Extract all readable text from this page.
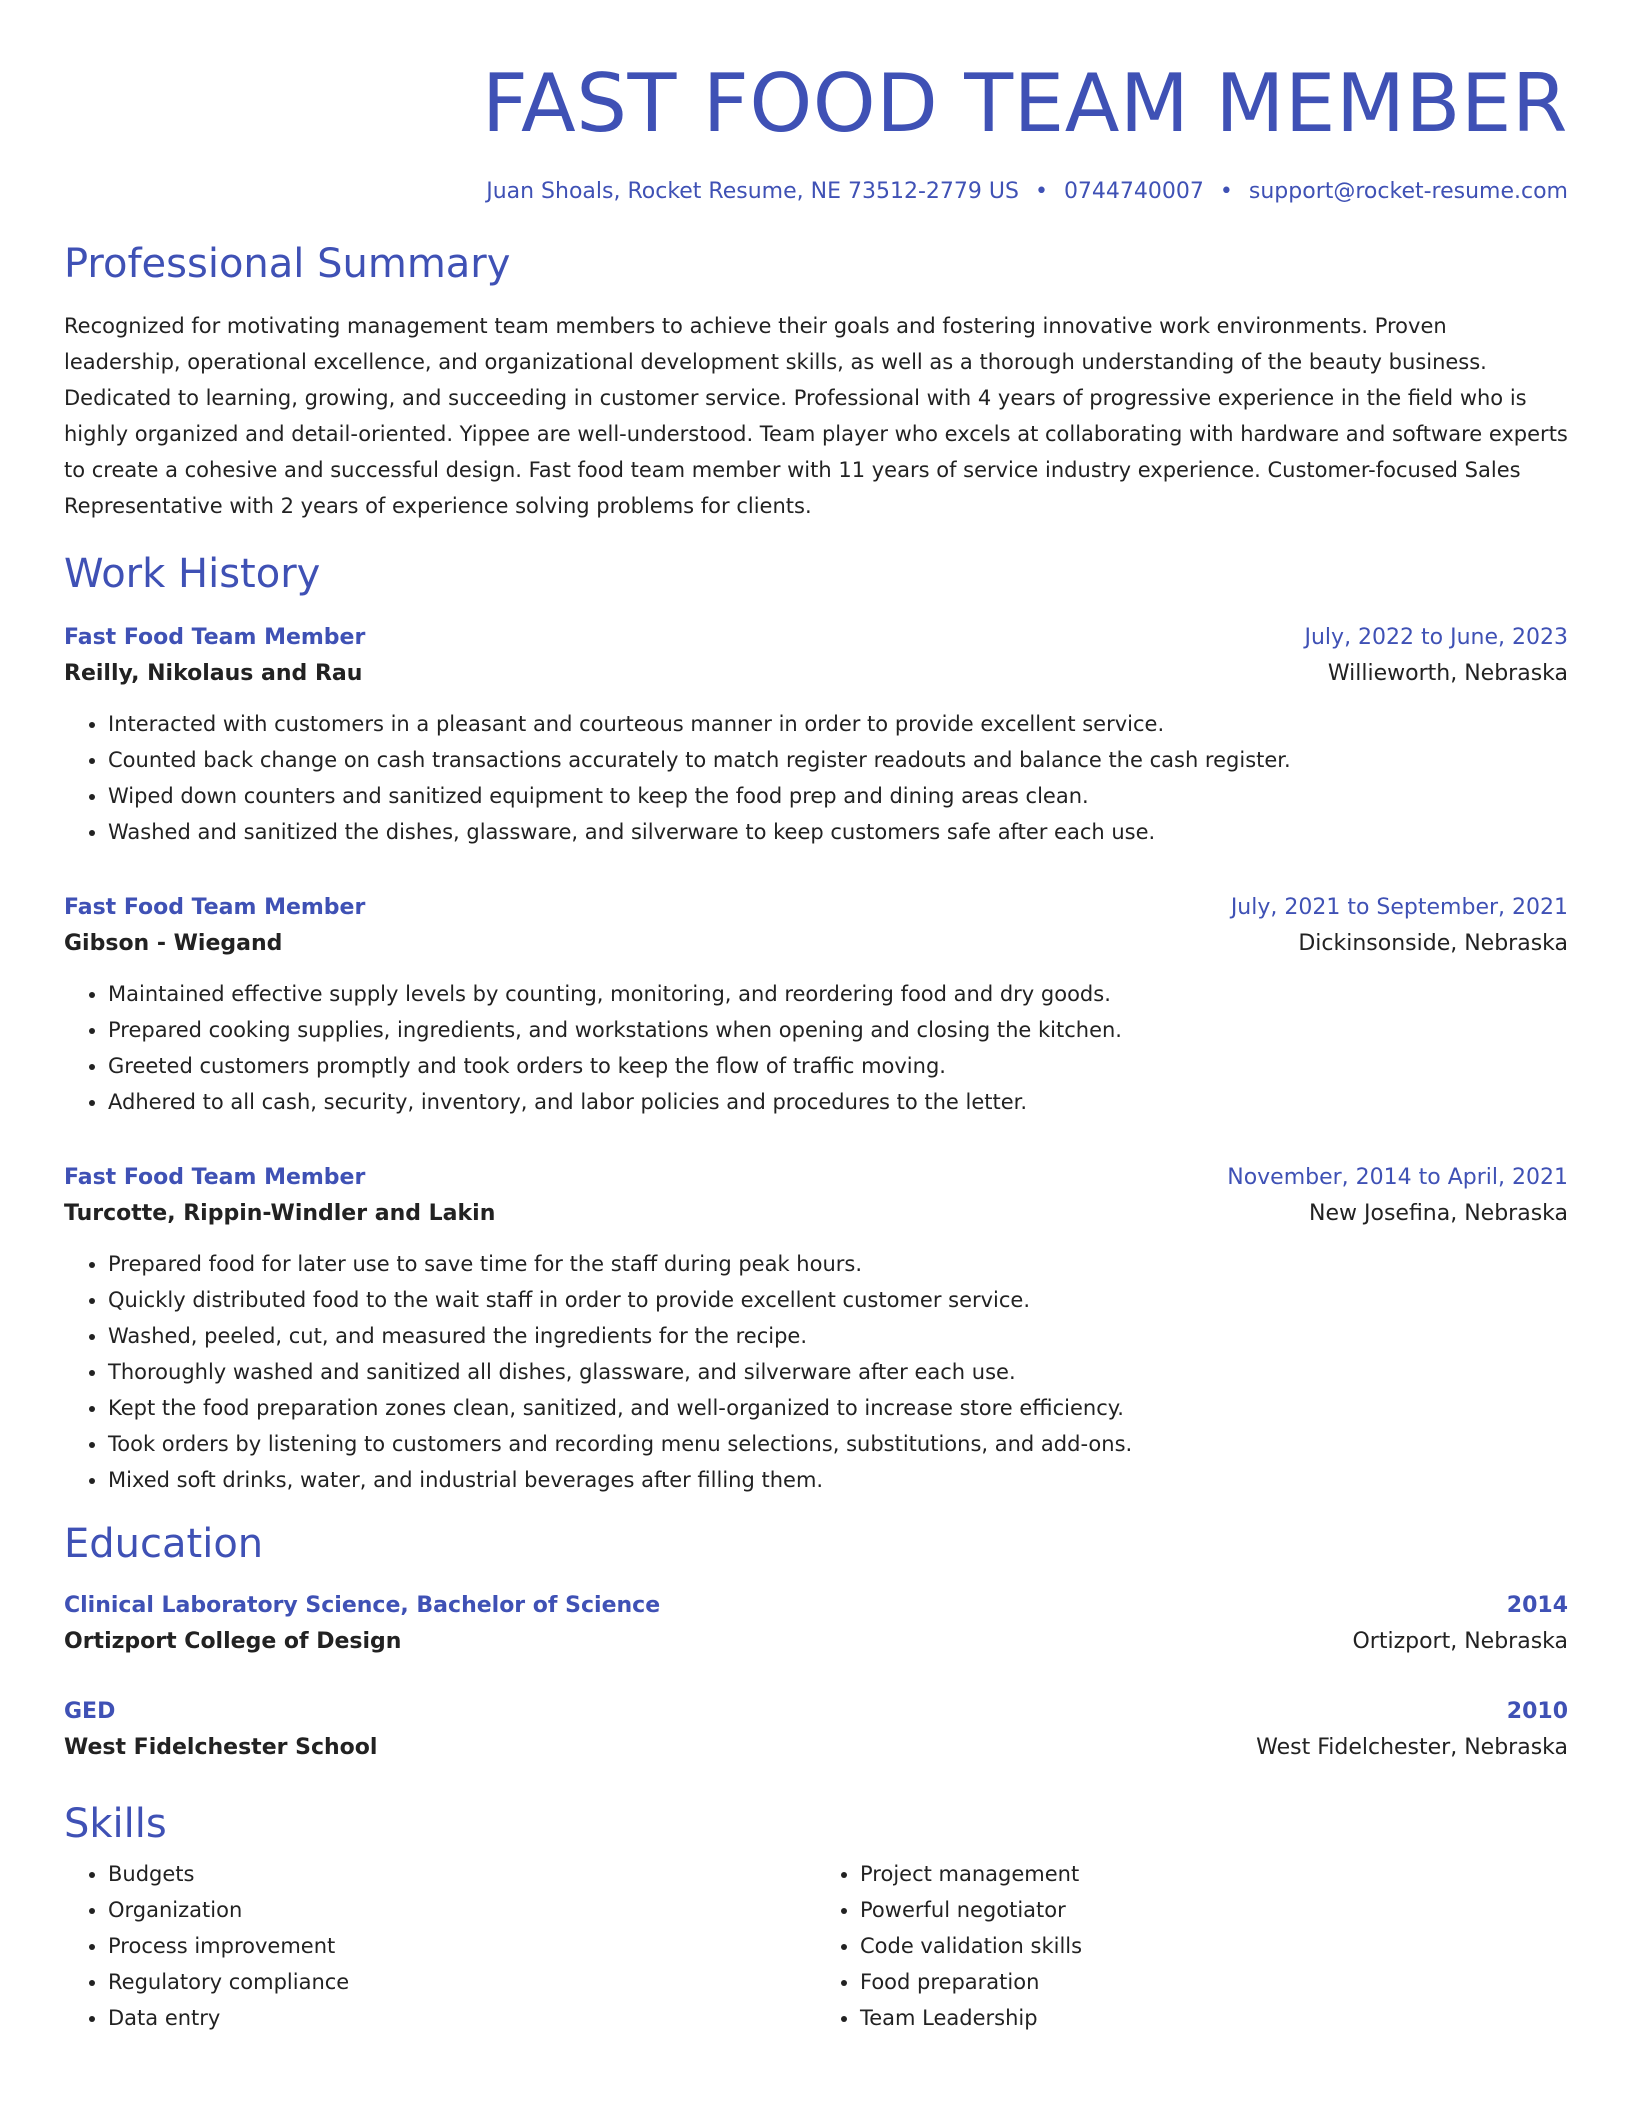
FAST FOOD TEAM MEMBER
Juan Shoals, Rocket Resume, NE 73512-2779 US • 0744740007 • support@rocket-resume.com
Professional Summary
Recognized for motivating management team members to achieve their goals and fostering innovative work environments. Proven leadership, operational excellence, and organizational development skills, as well as a thorough understanding of the beauty business. Dedicated to learning, growing, and succeeding in customer service. Professional with 4 years of progressive experience in the field who is highly organized and detail-oriented. Yippee are well-understood. Team player who excels at collaborating with hardware and software experts to create a cohesive and successful design. Fast food team member with 11 years of service industry experience. Customer-focused Sales Representative with 2 years of experience solving problems for clients.
Work History
Fast Food Team Member	July, 2022 to June, 2023
Reilly, Nikolaus and Rau	Willieworth, Nebraska
• Interacted with customers in a pleasant and courteous manner in order to provide excellent service.
• Counted back change on cash transactions accurately to match register readouts and balance the cash register.
• Wiped down counters and sanitized equipment to keep the food prep and dining areas clean.
• Washed and sanitized the dishes, glassware, and silverware to keep customers safe after each use.
Fast Food Team Member	July, 2021 to September, 2021
Gibson - Wiegand	Dickinsonside, Nebraska
• Maintained effective supply levels by counting, monitoring, and reordering food and dry goods.
• Prepared cooking supplies, ingredients, and workstations when opening and closing the kitchen.
• Greeted customers promptly and took orders to keep the flow of traffic moving.
• Adhered to all cash, security, inventory, and labor policies and procedures to the letter.
Fast Food Team Member	November, 2014 to April, 2021
Turcotte, Rippin-Windler and Lakin	New Josefina, Nebraska
• Prepared food for later use to save time for the staff during peak hours.
• Quickly distributed food to the wait staff in order to provide excellent customer service.
• Washed, peeled, cut, and measured the ingredients for the recipe.
• Thoroughly washed and sanitized all dishes, glassware, and silverware after each use.
• Kept the food preparation zones clean, sanitized, and well-organized to increase store efficiency.
• Took orders by listening to customers and recording menu selections, substitutions, and add-ons.
• Mixed soft drinks, water, and industrial beverages after filling them.
Education
Clinical Laboratory Science, Bachelor of Science	2014
Ortizport College of Design	Ortizport, Nebraska
GED	2010
West Fidelchester School	West Fidelchester, Nebraska
Skills
• Budgets
• Organization
• Process improvement
• Regulatory compliance
• Data entry
• Project management
• Powerful negotiator
• Code validation skills
• Food preparation
• Team Leadership
